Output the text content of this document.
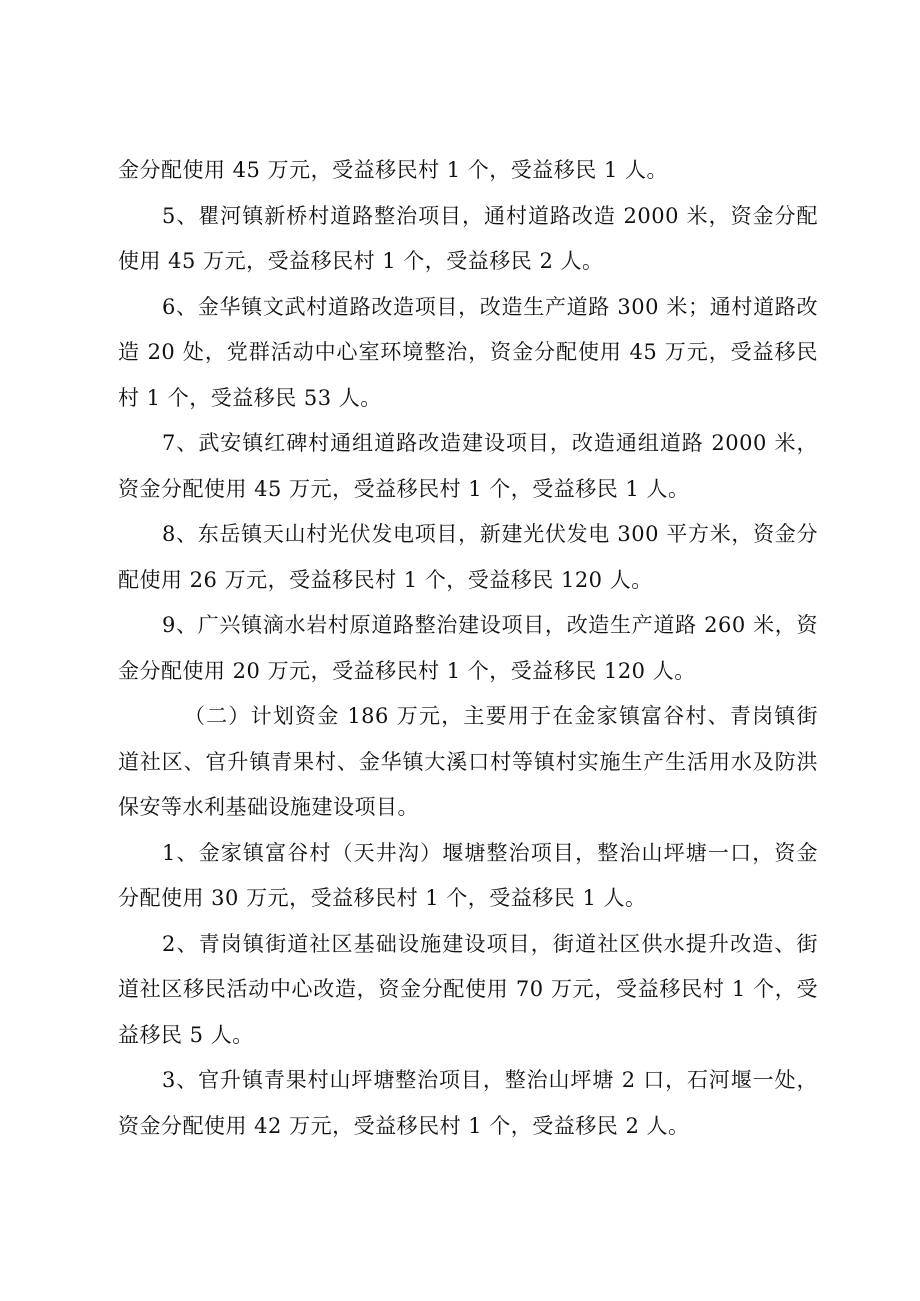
金分配使用 45 万元，受益移民村 1 个，受益移民 1 人。

5、瞿河镇新桥村道路整治项目，通村道路改造 2000 米，资金分配使用 45 万元，受益移民村 1 个，受益移民 2 人。

6、金华镇文武村道路改造项目，改造生产道路 300 米；通村道路改造 20 处，党群活动中心室环境整治，资金分配使用 45 万元，受益移民村 1 个，受益移民 53 人。

7、武安镇红碑村通组道路改造建设项目，改造通组道路 2000 米，资金分配使用 45 万元，受益移民村 1 个，受益移民 1 人。

8、东岳镇天山村光伏发电项目，新建光伏发电 300 平方米，资金分配使用 26 万元，受益移民村 1 个，受益移民 120 人。

9、广兴镇滴水岩村原道路整治建设项目，改造生产道路 260 米，资金分配使用 20 万元，受益移民村 1 个，受益移民 120 人。

（二）计划资金 186 万元，主要用于在金家镇富谷村、青岗镇街道社区、官升镇青果村、金华镇大溪口村等镇村实施生产生活用水及防洪保安等水利基础设施建设项目。

1、金家镇富谷村（天井沟）堰塘整治项目，整治山坪塘一口，资金分配使用 30 万元，受益移民村 1 个，受益移民 1 人。

2、青岗镇街道社区基础设施建设项目，街道社区供水提升改造、街道社区移民活动中心改造，资金分配使用 70 万元，受益移民村 1 个，受益移民 5 人。

3、官升镇青果村山坪塘整治项目，整治山坪塘 2 口，石河堰一处，资金分配使用 42 万元，受益移民村 1 个，受益移民 2 人。
